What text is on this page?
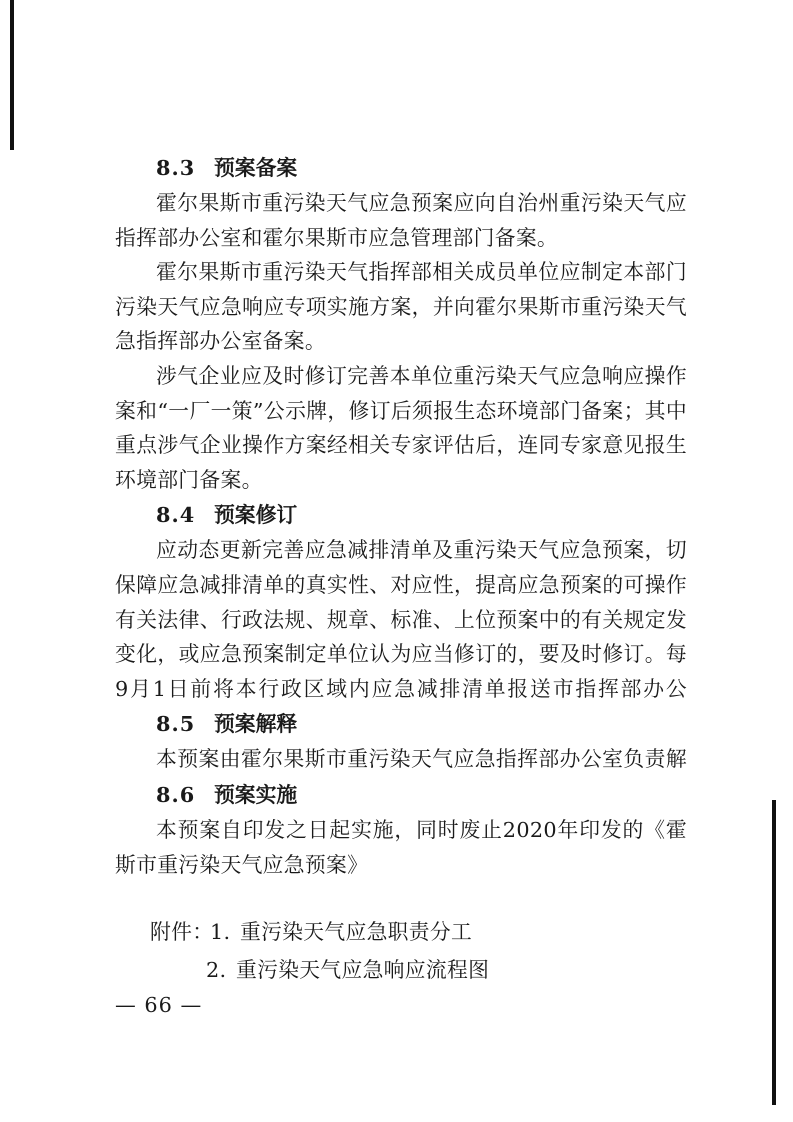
8.3 预案备案
霍尔果斯市重污染天气应急预案应向自治州重污染天气应
指挥部办公室和霍尔果斯市应急管理部门备案。
霍尔果斯市重污染天气指挥部相关成员单位应制定本部门
污染天气应急响应专项实施方案，并向霍尔果斯市重污染天气
急指挥部办公室备案。
涉气企业应及时修订完善本单位重污染天气应急响应操作
案和“一厂一策”公示牌，修订后须报生态环境部门备案；其中
重点涉气企业操作方案经相关专家评估后，连同专家意见报生
环境部门备案。
8.4 预案修订
应动态更新完善应急减排清单及重污染天气应急预案，切
保障应急减排清单的真实性、对应性，提高应急预案的可操作
有关法律、行政法规、规章、标准、上位预案中的有关规定发
变化，或应急预案制定单位认为应当修订的，要及时修订。每
9月1日前将本行政区域内应急减排清单报送市指挥部办公
8.5 预案解释
本预案由霍尔果斯市重污染天气应急指挥部办公室负责解
8.6 预案实施
本预案自印发之日起实施，同时废止2020年印发的《霍
斯市重污染天气应急预案》
附件：1. 重污染天气应急职责分工
2. 重污染天气应急响应流程图
— 66 —
